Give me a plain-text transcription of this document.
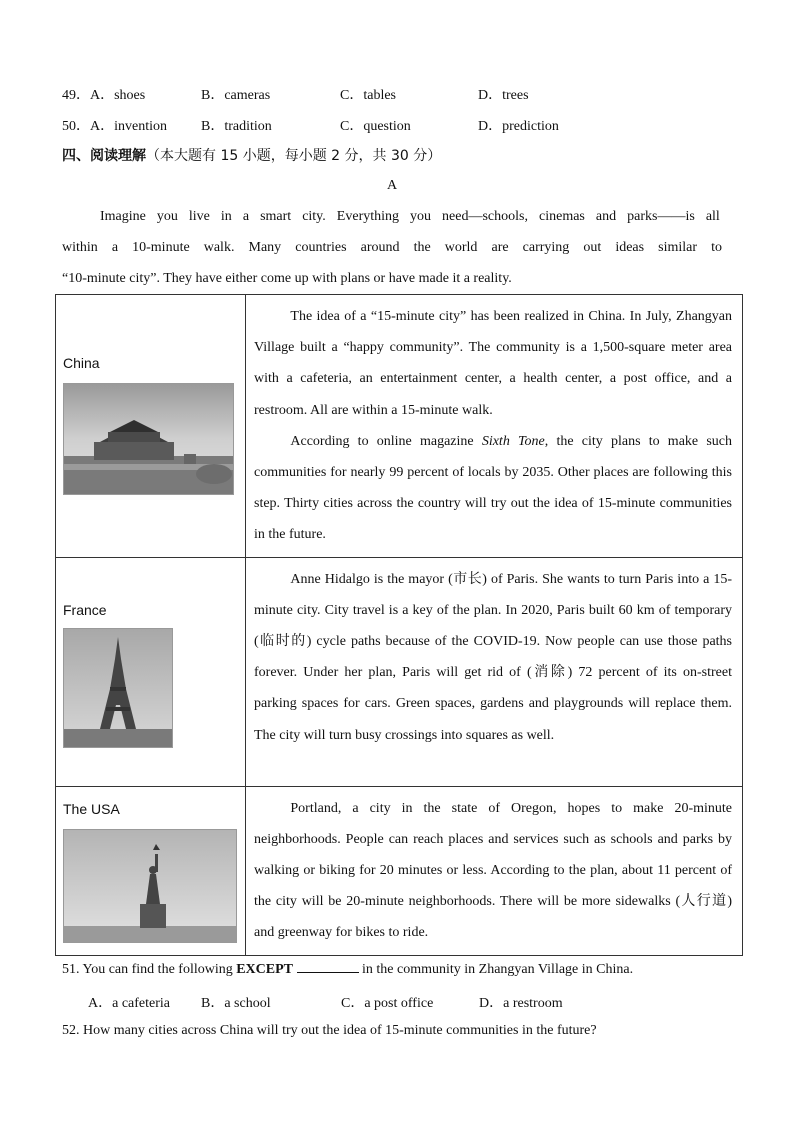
49．A．shoes	B．cameras	C．tables	D．trees
50．A．invention B．tradition	C．question	D．prediction
四、阅读理解（本大题有 15 小题，每小题 2 分，共 30 分）
A
Imagine you live in a smart city. Everything you need—schools, cinemas and parks——is all
within a 10-minute walk. Many countries around the world are carrying out ideas similar to
“10-minute city”. They have either come up with plans or have made it a reality.
China	The idea of a “15-minute city” has been realized in China. In July, Zhangyan Village built a “happy community”. The community is a 1,500-square meter area with a cafeteria, an entertainment center, a health center, a post office, and a restroom. All are within a 15-minute walk.

According to online magazine Sixth Tone, the city plans to make such communities for nearly 99 percent of locals by 2035. Other places are following this step. Thirty cities across the country will try out the idea of 15-minute communities in the future.

France	Anne Hidalgo is the mayor (市长) of Paris. She wants to turn Paris into a 15-minute city. City travel is a key of the plan. In 2020, Paris built 60 km of temporary (临时的) cycle paths because of the COVID-19. Now people can use those paths forever. Under her plan, Paris will get rid of (消除) 72 percent of its on-street parking spaces for cars. Green spaces, gardens and playgrounds will replace them. The city will turn busy crossings into squares as well.

The USA	Portland, a city in the state of Oregon, hopes to make 20-minute neighborhoods. People can reach places and services such as schools and parks by walking or biking for 20 minutes or less. According to the plan, about 11 percent of the city will be 20-minute neighborhoods. There will be more sidewalks (人行道) and greenway for bikes to ride.

51. You can find the following EXCEPT	in the community in Zhangyan Village in China.
A．a cafeteria B．a school	C．a post office	D．a restroom
52. How many cities across China will try out the idea of 15-minute communities in the future?
